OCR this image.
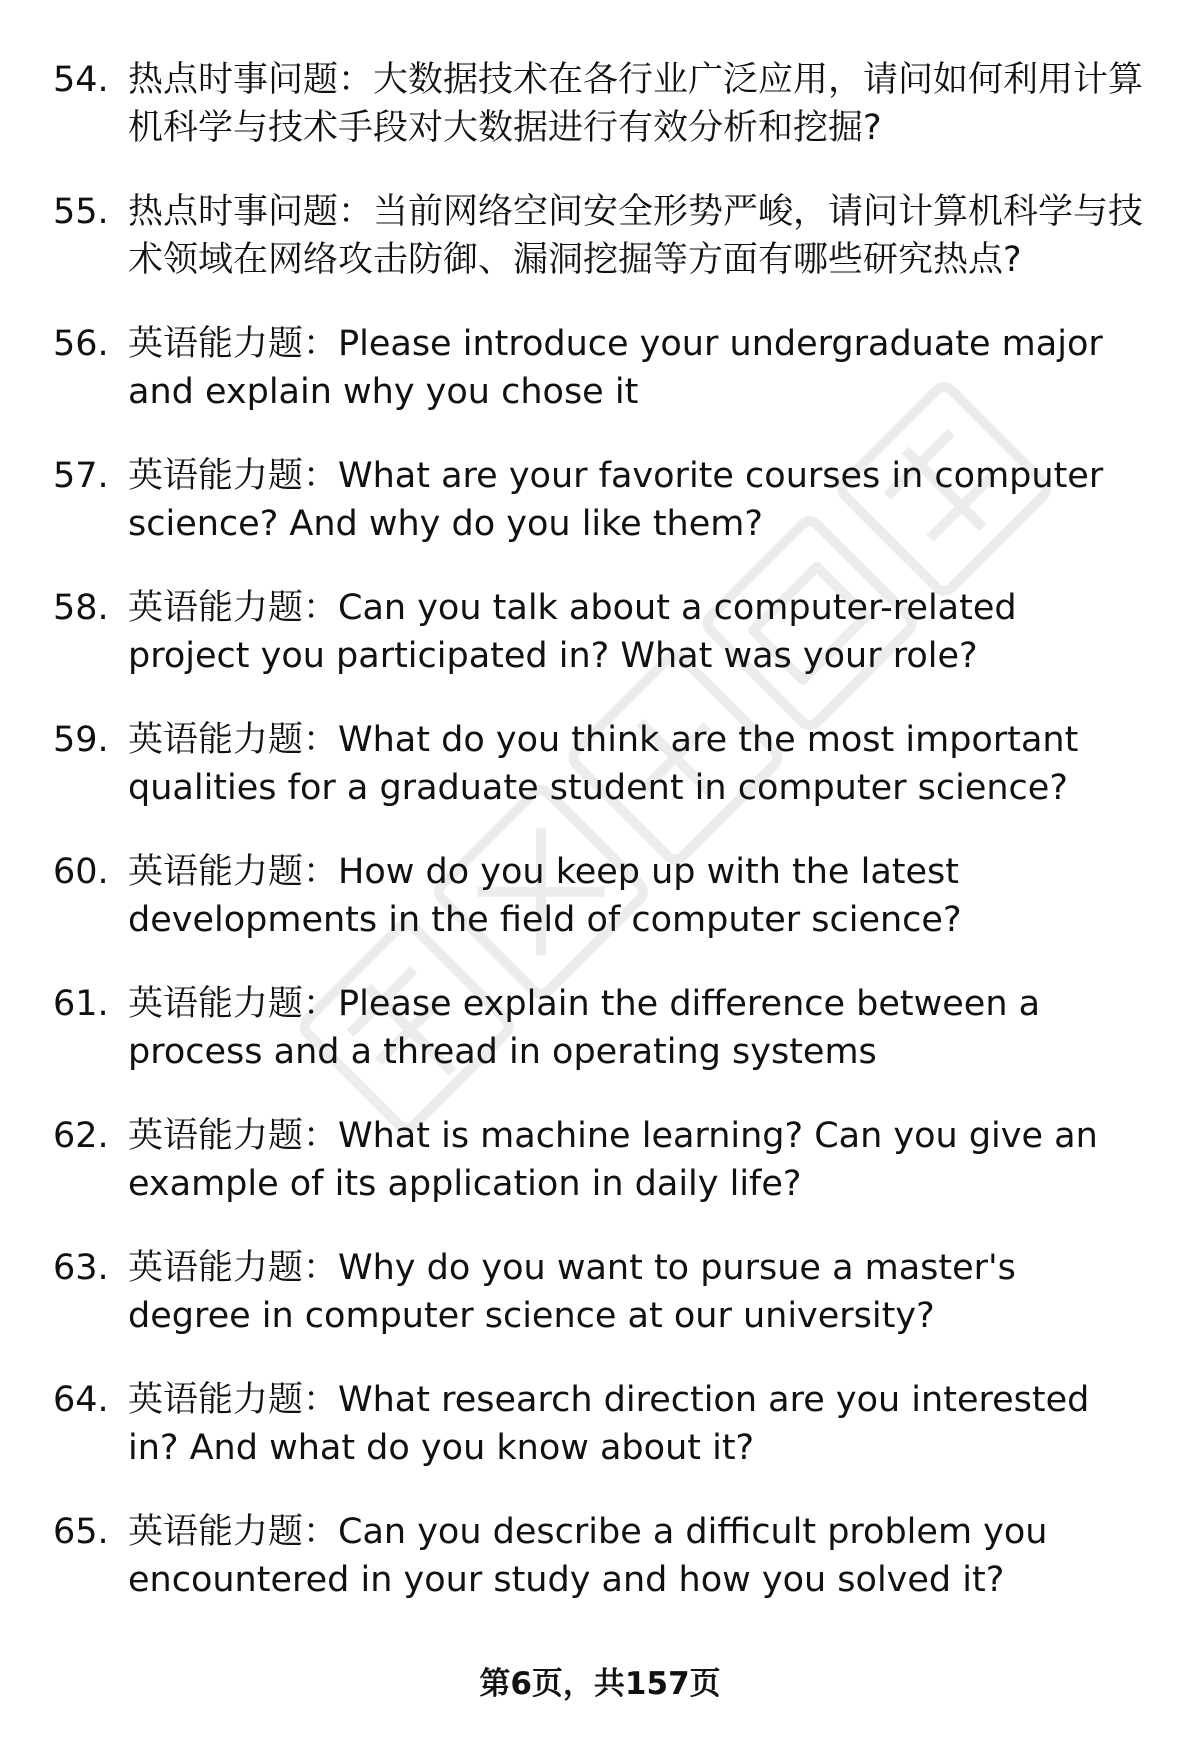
54. 热点时事问题：大数据技术在各行业广泛应用，请问如何利用计算机科学与技术手段对大数据进行有效分析和挖掘?
55. 热点时事问题：当前网络空间安全形势严峻，请问计算机科学与技术领域在网络攻击防御、漏洞挖掘等方面有哪些研究热点?
56. 英语能力题：Please introduce your undergraduate major and explain why you chose it
57. 英语能力题：What are your favorite courses in computer science? And why do you like them?
58. 英语能力题：Can you talk about a computer-related project you participated in? What was your role?
59. 英语能力题：What do you think are the most important qualities for a graduate student in computer science?
60. 英语能力题：How do you keep up with the latest developments in the field of computer science?
61. 英语能力题：Please explain the difference between a process and a thread in operating systems
62. 英语能力题：What is machine learning? Can you give an example of its application in daily life?
63. 英语能力题：Why do you want to pursue a master's degree in computer science at our university?
64. 英语能力题：What research direction are you interested in? And what do you know about it?
65. 英语能力题：Can you describe a difficult problem you encountered in your study and how you solved it?
第6页，共157页
